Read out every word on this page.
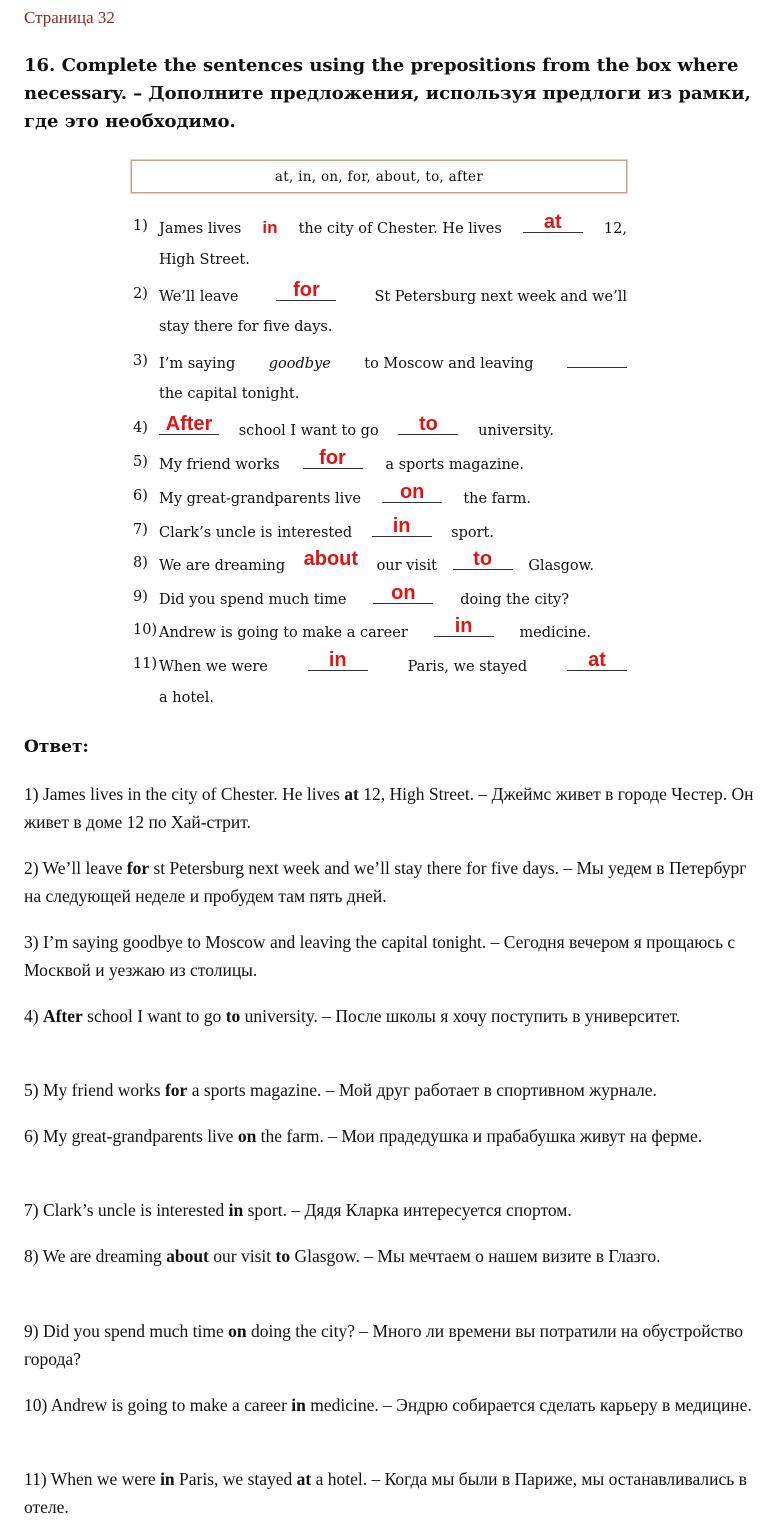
Страница 32
16. Complete the sentences using the prepositions from the box where necessary. – Дополните предложения, используя предлоги из рамки, где это необходимо.
at, in, on, for, about, to, after
1) James lives in the city of Chester. He lives	at	12,
High Street.
2) We’ll leave	for	St Petersburg next week and we’ll
stay there for five days.
3) I’m saying goodbye to Moscow and leaving
the capital tonight.
4) After	school I want to go	to	university.
5) My friend works	for	a sports magazine.
6) My great-grandparents live	on	the farm.
7) Clark’s uncle is interested	in	sport.
8) We are dreaming about our visit	to	Glasgow.
9) Did you spend much time	on	doing the city?
10) Andrew is going to make a career	in	medicine.
11) When we were	in	Paris, we stayed	at
a hotel.
Ответ:

1) James lives in the city of Chester. He lives at 12, High Street. – Джеймс живет в городе Честер. Он живет в доме 12 по Хай-стрит.

2) We’ll leave for st Petersburg next week and we’ll stay there for five days. – Мы уедем в Петербург на следующей неделе и пробудем там пять дней.

3) I’m saying goodbye to Moscow and leaving the capital tonight. – Сегодня вечером я прощаюсь с Москвой и уезжаю из столицы.

4) After school I want to go to university. – После школы я хочу поступить в университет.

5) My friend works for a sports magazine. – Мой друг работает в спортивном журнале.

6) My great-grandparents live on the farm. – Мои прадедушка и прабабушка живут на ферме.

7) Clark’s uncle is interested in sport. – Дядя Кларка интересуется спортом.

8) We are dreaming about our visit to Glasgow. – Мы мечтаем о нашем визите в Глазго.

9) Did you spend much time on doing the city? – Много ли времени вы потратили на обустройство города?

10) Andrew is going to make a career in medicine. – Эндрю собирается сделать карьеру в медицине.

11) When we were in Paris, we stayed at a hotel. – Когда мы были в Париже, мы останавливались в отеле.
